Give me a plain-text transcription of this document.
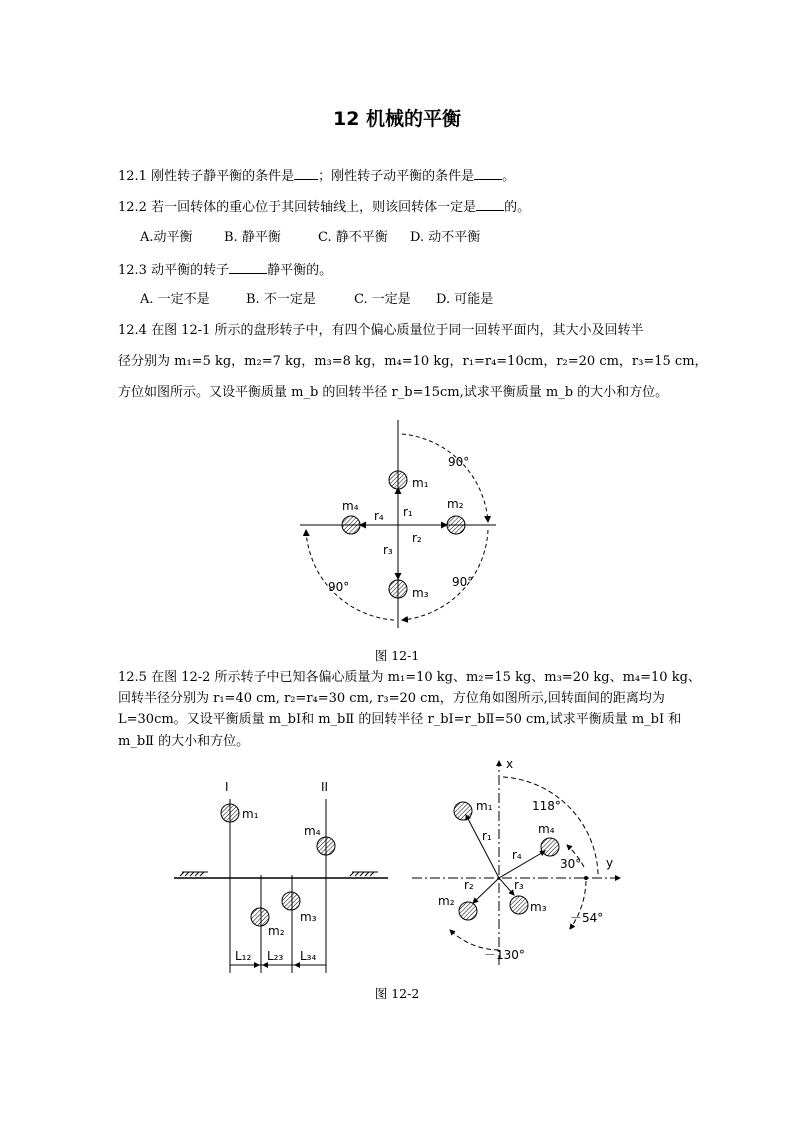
12 机械的平衡
12.1 刚性转子静平衡的条件是 ；刚性转子动平衡的条件是 。
12.2 若一回转体的重心位于其回转轴线上，则该回转体一定是 的。
A.动平衡 B. 静平衡	C. 静不平衡 D. 动不平衡
12.3 动平衡的转子	静平衡的。
A. 一定不是	B. 不一定是	C. 一定是 D. 可能是
12.4 在图 12-1 所示的盘形转子中，有四个偏心质量位于同一回转平面内，其大小及回转半
径分别为 m₁=5 kg，m₂=7 kg，m₃=8 kg，m₄=10 kg，r₁=r₄=10cm，r₂=20 cm，r₃=15 cm，
方位如图所示。又设平衡质量 m_b 的回转半径 r_b=15cm,试求平衡质量 m_b 的大小和方位。
m₁
m₂
m₃
m₄	r₁
r₂
r₃
r₄
90°
90°
90°
图 12-1
12.5 在图 12-2 所示转子中已知各偏心质量为 m₁=10 kg、m₂=15 kg、m₃=20 kg、m₄=10 kg、
回转半径分别为 r₁=40 cm, r₂=r₄=30 cm, r₃=20 cm，方位角如图所示,回转面间的距离均为
L=30cm。又设平衡质量 m_bⅠ和 m_bⅡ 的回转半径 r_bⅠ=r_bⅡ=50 cm,试求平衡质量 m_bⅠ 和
m_bⅡ 的大小和方位。
I	II
m₁
m₂
m₃
m₄
L₁₂ L₂₃ L₃₄
x
y
m₁
m₂	m₃
m₄
r₁
r₂	r₃
r₄
118°
30°
－54°
－130°
图 12-2
